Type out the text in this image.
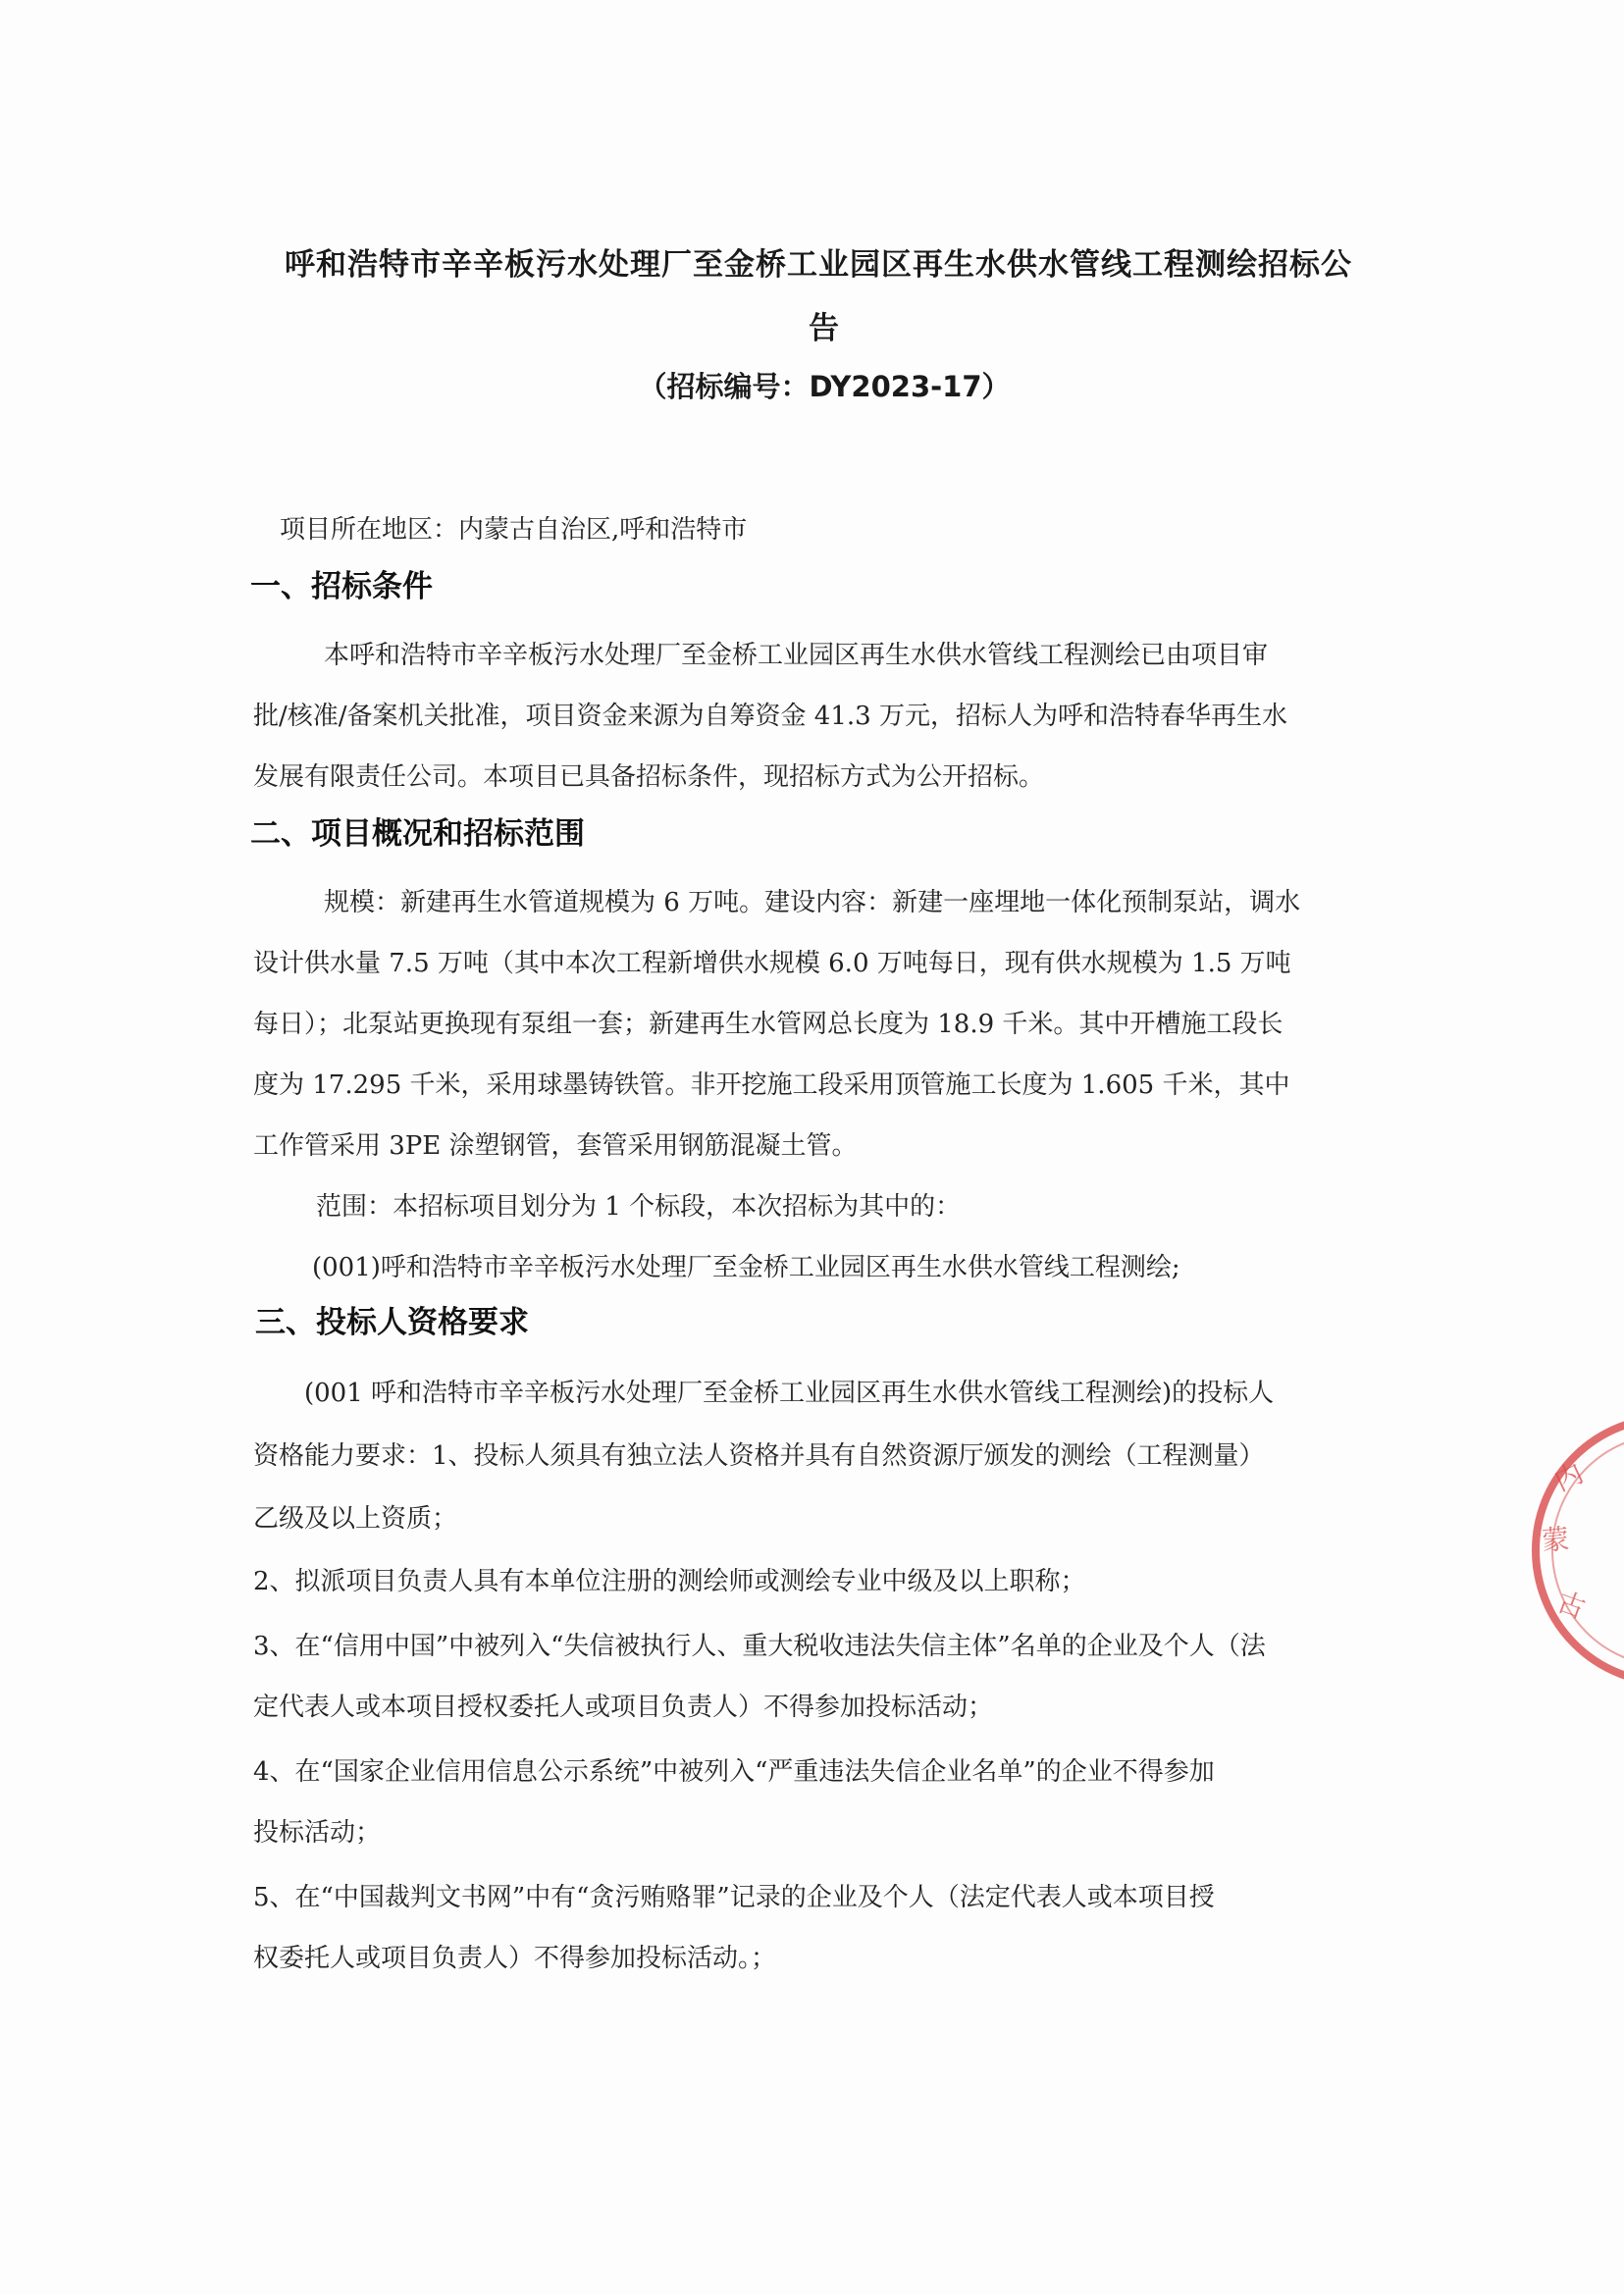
呼和浩特市辛辛板污水处理厂至金桥工业园区再生水供水管线工程测绘招标公
告
（招标编号：DY2023-17）
项目所在地区：内蒙古自治区,呼和浩特市
一、招标条件
本呼和浩特市辛辛板污水处理厂至金桥工业园区再生水供水管线工程测绘已由项目审
批/核准/备案机关批准，项目资金来源为自筹资金 41.3 万元，招标人为呼和浩特春华再生水
发展有限责任公司。本项目已具备招标条件，现招标方式为公开招标。
二、项目概况和招标范围
规模：新建再生水管道规模为 6 万吨。建设内容：新建一座埋地一体化预制泵站，调水
设计供水量 7.5 万吨（其中本次工程新增供水规模 6.0 万吨每日，现有供水规模为 1.5 万吨
每日）；北泵站更换现有泵组一套；新建再生水管网总长度为 18.9 千米。其中开槽施工段长
度为 17.295 千米，采用球墨铸铁管。非开挖施工段采用顶管施工长度为 1.605 千米，其中
工作管采用 3PE 涂塑钢管，套管采用钢筋混凝土管。
范围：本招标项目划分为 1 个标段，本次招标为其中的：
(001)呼和浩特市辛辛板污水处理厂至金桥工业园区再生水供水管线工程测绘;
三、投标人资格要求
(001 呼和浩特市辛辛板污水处理厂至金桥工业园区再生水供水管线工程测绘)的投标人
资格能力要求：1、投标人须具有独立法人资格并具有自然资源厅颁发的测绘（工程测量）
乙级及以上资质；
2、拟派项目负责人具有本单位注册的测绘师或测绘专业中级及以上职称；
3、在“信用中国”中被列入“失信被执行人、重大税收违法失信主体”名单的企业及个人（法
定代表人或本项目授权委托人或项目负责人）不得参加投标活动；
4、在“国家企业信用信息公示系统”中被列入“严重违法失信企业名单”的企业不得参加
投标活动；
5、在“中国裁判文书网”中有“贪污贿赂罪”记录的企业及个人（法定代表人或本项目授
权委托人或项目负责人）不得参加投标活动。；
内
蒙
古
